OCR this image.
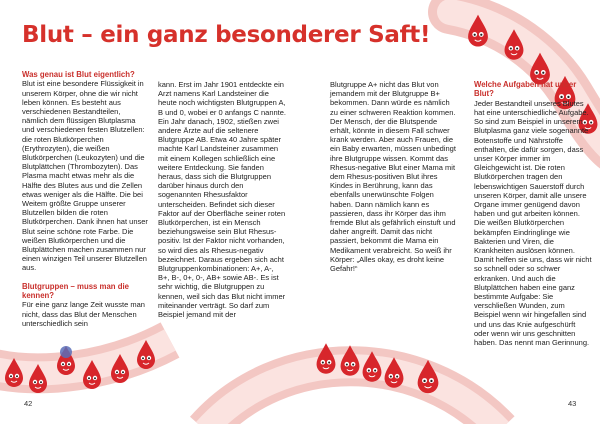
Blut – ein ganz besonderer Saft!

Was genau ist Blut eigentlich?

Blut ist eine besondere Flüssigkeit in unserem Körper, ohne die wir nicht leben können. Es besteht aus verschiedenen Bestandteilen, nämlich dem flüssigen Blutplasma und verschiedenen festen Blutzellen: die roten Blutkörperchen (Erythrozyten), die weißen Blutkörperchen (Leukozyten) und die Blutplättchen (Thrombozyten). Das Plasma macht etwas mehr als die Hälfte des Blutes aus und die Zellen etwas weniger als die Hälfte. Die bei Weitem größte Gruppe unserer Blutzellen bilden die roten Blutkörperchen. Dank ihnen hat unser Blut seine schöne rote Farbe. Die weißen Blutkörperchen und die Blutplättchen machen zusammen nur einen winzigen Teil unserer Blutzellen aus.

Blutgruppen – muss man die kennen?

Für eine ganz lange Zeit wusste man nicht, dass das Blut der Menschen unterschiedlich sein

kann. Erst im Jahr 1901 entdeckte ein Arzt namens Karl Landsteiner die heute noch wichtigsten Blutgruppen A, B und 0, wobei er 0 anfangs C nannte. Ein Jahr danach, 1902, stießen zwei andere Ärzte auf die seltenere Blutgruppe AB. Etwa 40 Jahre später machte Karl Landsteiner zusammen mit einem Kollegen schließlich eine weitere Entdeckung. Sie fanden heraus, dass sich die Blutgruppen darüber hinaus durch den sogenannten Rhesusfaktor unterscheiden. Befindet sich dieser Faktor auf der Oberfläche seiner roten Blutkörperchen, ist ein Mensch beziehungsweise sein Blut Rhesus-positiv. Ist der Faktor nicht vorhanden, so wird dies als Rhesus-negativ bezeichnet. Daraus ergeben sich acht Blutgruppenkombinationen: A+, A-, B+, B-, 0+, 0-, AB+ sowie AB-. Es ist sehr wichtig, die Blutgruppen zu kennen, weil sich das Blut nicht immer miteinander verträgt. So darf zum Beispiel jemand mit der

Blutgruppe A+ nicht das Blut von jemandem mit der Blutgruppe B+ bekommen. Dann würde es nämlich zu einer schweren Reaktion kommen. Der Mensch, der die Blutspende erhält, könnte in diesem Fall schwer krank werden. Aber auch Frauen, die ein Baby erwarten, müssen unbedingt ihre Blutgruppe wissen. Kommt das Rhesus-negative Blut einer Mama mit dem Rhesus-positiven Blut ihres Kindes in Berührung, kann das ebenfalls unerwünschte Folgen haben. Dann nämlich kann es passieren, dass ihr Körper das ihm fremde Blut als gefährlich einstuft und daher angreift. Damit das nicht passiert, bekommt die Mama ein Medikament verabreicht. So weiß ihr Körper: „Alles okay, es droht keine Gefahr!“

Welche Aufgaben hat unser Blut?

Jeder Bestandteil unseres Blutes hat eine unterschiedliche Aufgabe. So sind zum Beispiel in unserem Blutplasma ganz viele sogenannte Botenstoffe und Nährstoffe enthalten, die dafür sorgen, dass unser Körper immer im Gleichgewicht ist. Die roten Blutkörperchen tragen den lebenswichtigen Sauerstoff durch unseren Körper, damit alle unsere Organe immer genügend davon haben und gut arbeiten können. Die weißen Blutkörperchen bekämpfen Eindringlinge wie Bakterien und Viren, die Krankheiten auslösen können. Damit helfen sie uns, dass wir nicht so schnell oder so schwer erkranken. Und auch die Blutplättchen haben eine ganz bestimmte Aufgabe: Sie verschließen Wunden, zum Beispiel wenn wir hingefallen sind und uns das Knie aufgeschürft oder wenn wir uns geschnitten haben. Das nennt man Gerinnung.

42	43
